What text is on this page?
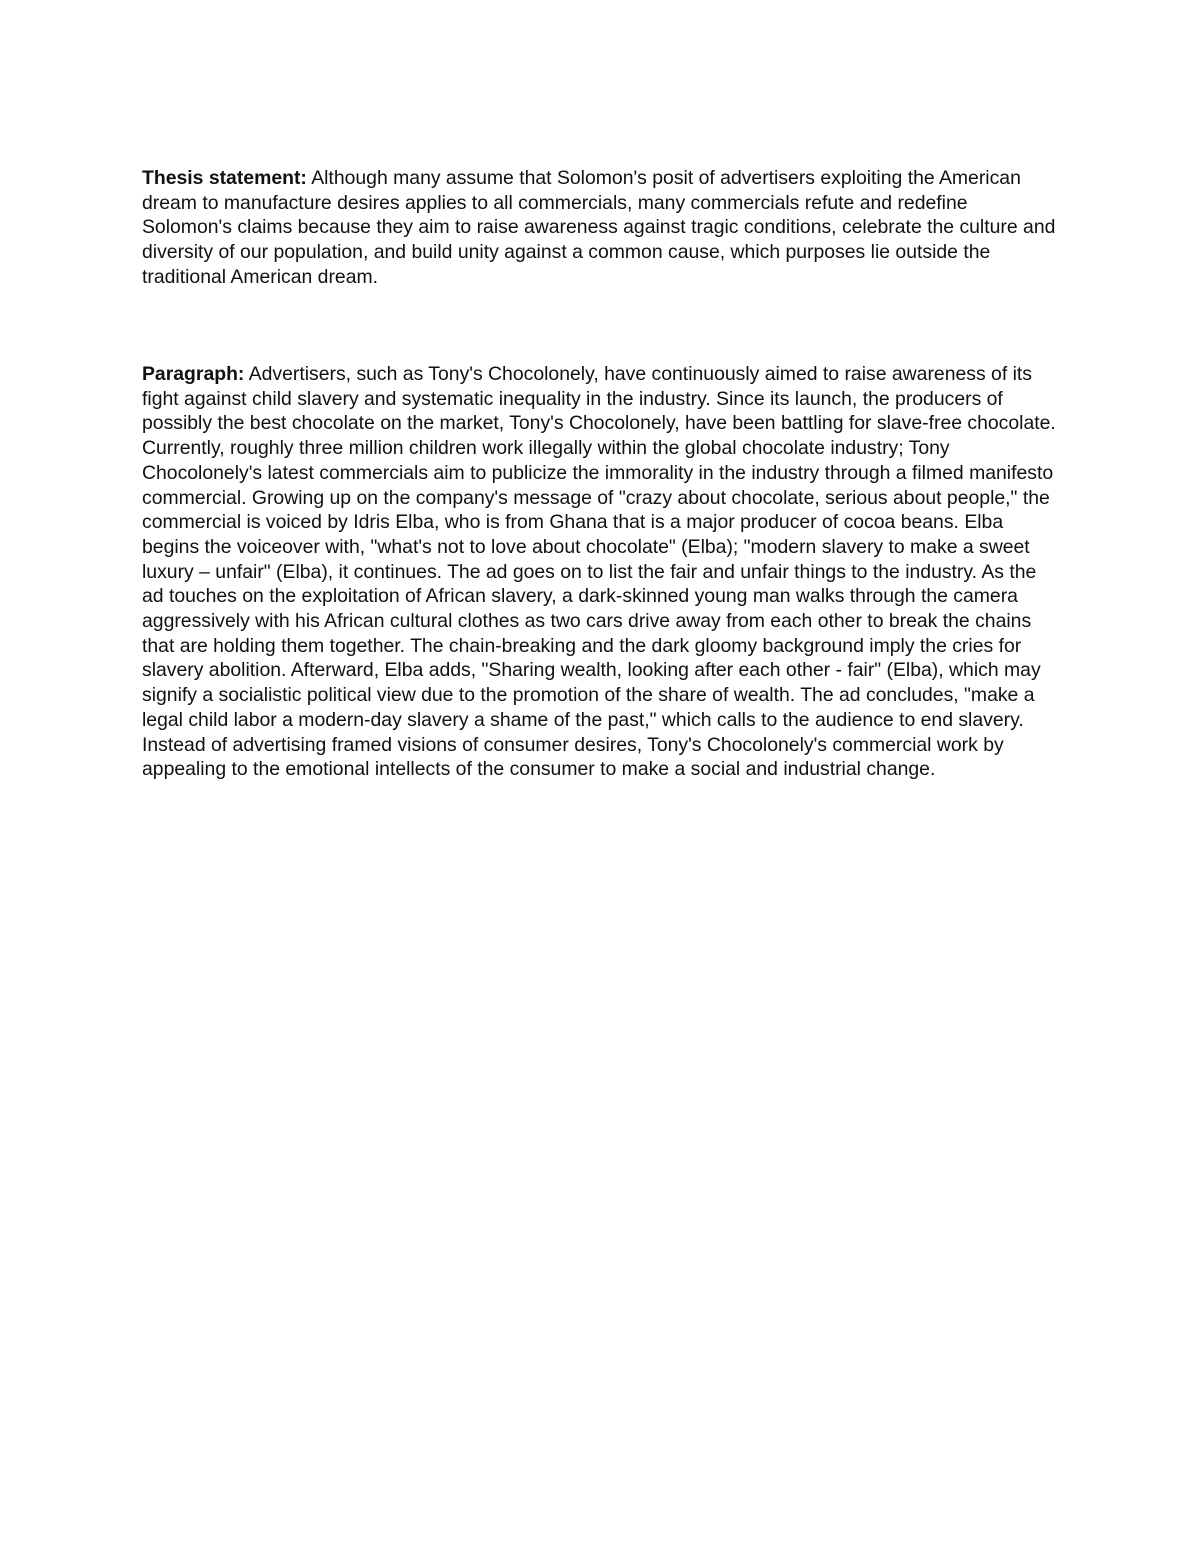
Thesis statement: Although many assume that Solomon's posit of advertisers exploiting the American dream to manufacture desires applies to all commercials, many commercials refute and redefine Solomon's claims because they aim to raise awareness against tragic conditions, celebrate the culture and diversity of our population, and build unity against a common cause, which purposes lie outside the traditional American dream.

Paragraph: Advertisers, such as Tony's Chocolonely, have continuously aimed to raise awareness of its fight against child slavery and systematic inequality in the industry. Since its launch, the producers of possibly the best chocolate on the market, Tony's Chocolonely, have been battling for slave-free chocolate. Currently, roughly three million children work illegally within the global chocolate industry; Tony Chocolonely's latest commercials aim to publicize the immorality in the industry through a filmed manifesto commercial. Growing up on the company's message of "crazy about chocolate, serious about people," the commercial is voiced by Idris Elba, who is from Ghana that is a major producer of cocoa beans. Elba begins the voiceover with, "what's not to love about chocolate" (Elba); "modern slavery to make a sweet luxury – unfair" (Elba), it continues. The ad goes on to list the fair and unfair things to the industry. As the ad touches on the exploitation of African slavery, a dark-skinned young man walks through the camera aggressively with his African cultural clothes as two cars drive away from each other to break the chains that are holding them together. The chain-breaking and the dark gloomy background imply the cries for slavery abolition. Afterward, Elba adds, "Sharing wealth, looking after each other - fair" (Elba), which may signify a socialistic political view due to the promotion of the share of wealth. The ad concludes, "make a legal child labor a modern-day slavery a shame of the past," which calls to the audience to end slavery. Instead of advertising framed visions of consumer desires, Tony's Chocolonely's commercial work by appealing to the emotional intellects of the consumer to make a social and industrial change.
